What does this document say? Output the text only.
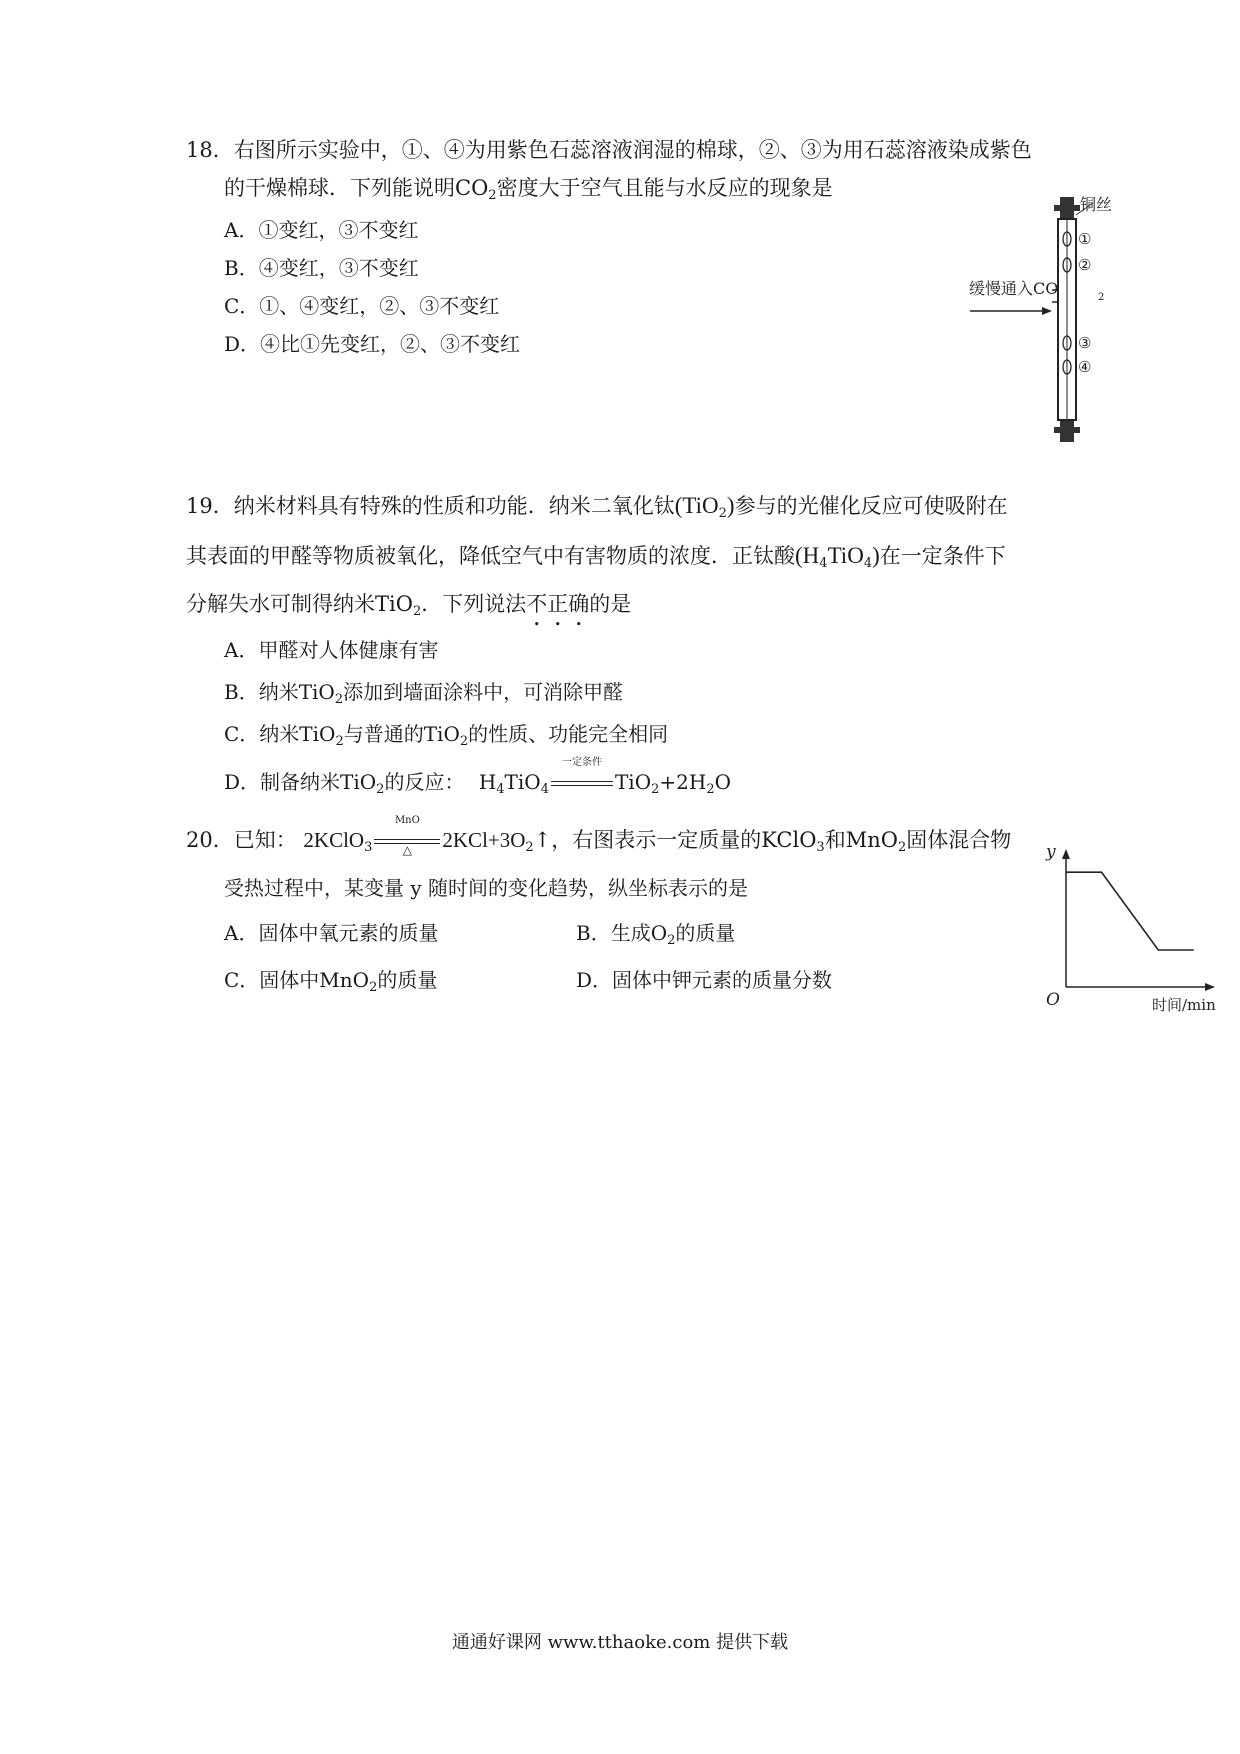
18．右图所示实验中，①、④为用紫色石蕊溶液润湿的棉球，②、③为用石蕊溶液染成紫色
的干燥棉球．下列能说明$CO_2$密度大于空气且能与水反应的现象是
A．①变红，③不变红
B．④变红，③不变红
C．①、④变红，②、③不变红
D．④比①先变红，②、③不变红
铜丝
①
②
③
④
缓慢通入CO	2
19．纳米材料具有特殊的性质和功能．纳米二氧化钛(TiO$_2$)参与的光催化反应可使吸附在
其表面的甲醛等物质被氧化，降低空气中有害物质的浓度．正钛酸$(H_4TiO_4)$在一定条件下
分解失水可制得纳米TiO$_2$．下列说法不正确的是
A．甲醛对人体健康有害
B．纳米TiO$_2$添加到墙面涂料中，可消除甲醛
C．纳米TiO$_2$与普通的TiO$_2$的性质、功能完全相同
D．制备纳米TiO$_2$的反应： $H_4TiO_4$
一定条件
$TiO_2+2H_2O$
20．已知： 2KClO$_3$
MnO
△	$2KCl+3O_2↑$，右图表示一定质量的KClO$_3$和MnO$_2$固体混合物
受热过程中，某变量 y 随时间的变化趋势，纵坐标表示的是
A．固体中氧元素的质量	B．生成$O_2$的质量
C．固体中MnO$_2$的质量	D．固体中钾元素的质量分数
y
O	时间/min
通通好课网 www.tthaoke.com 提供下载
